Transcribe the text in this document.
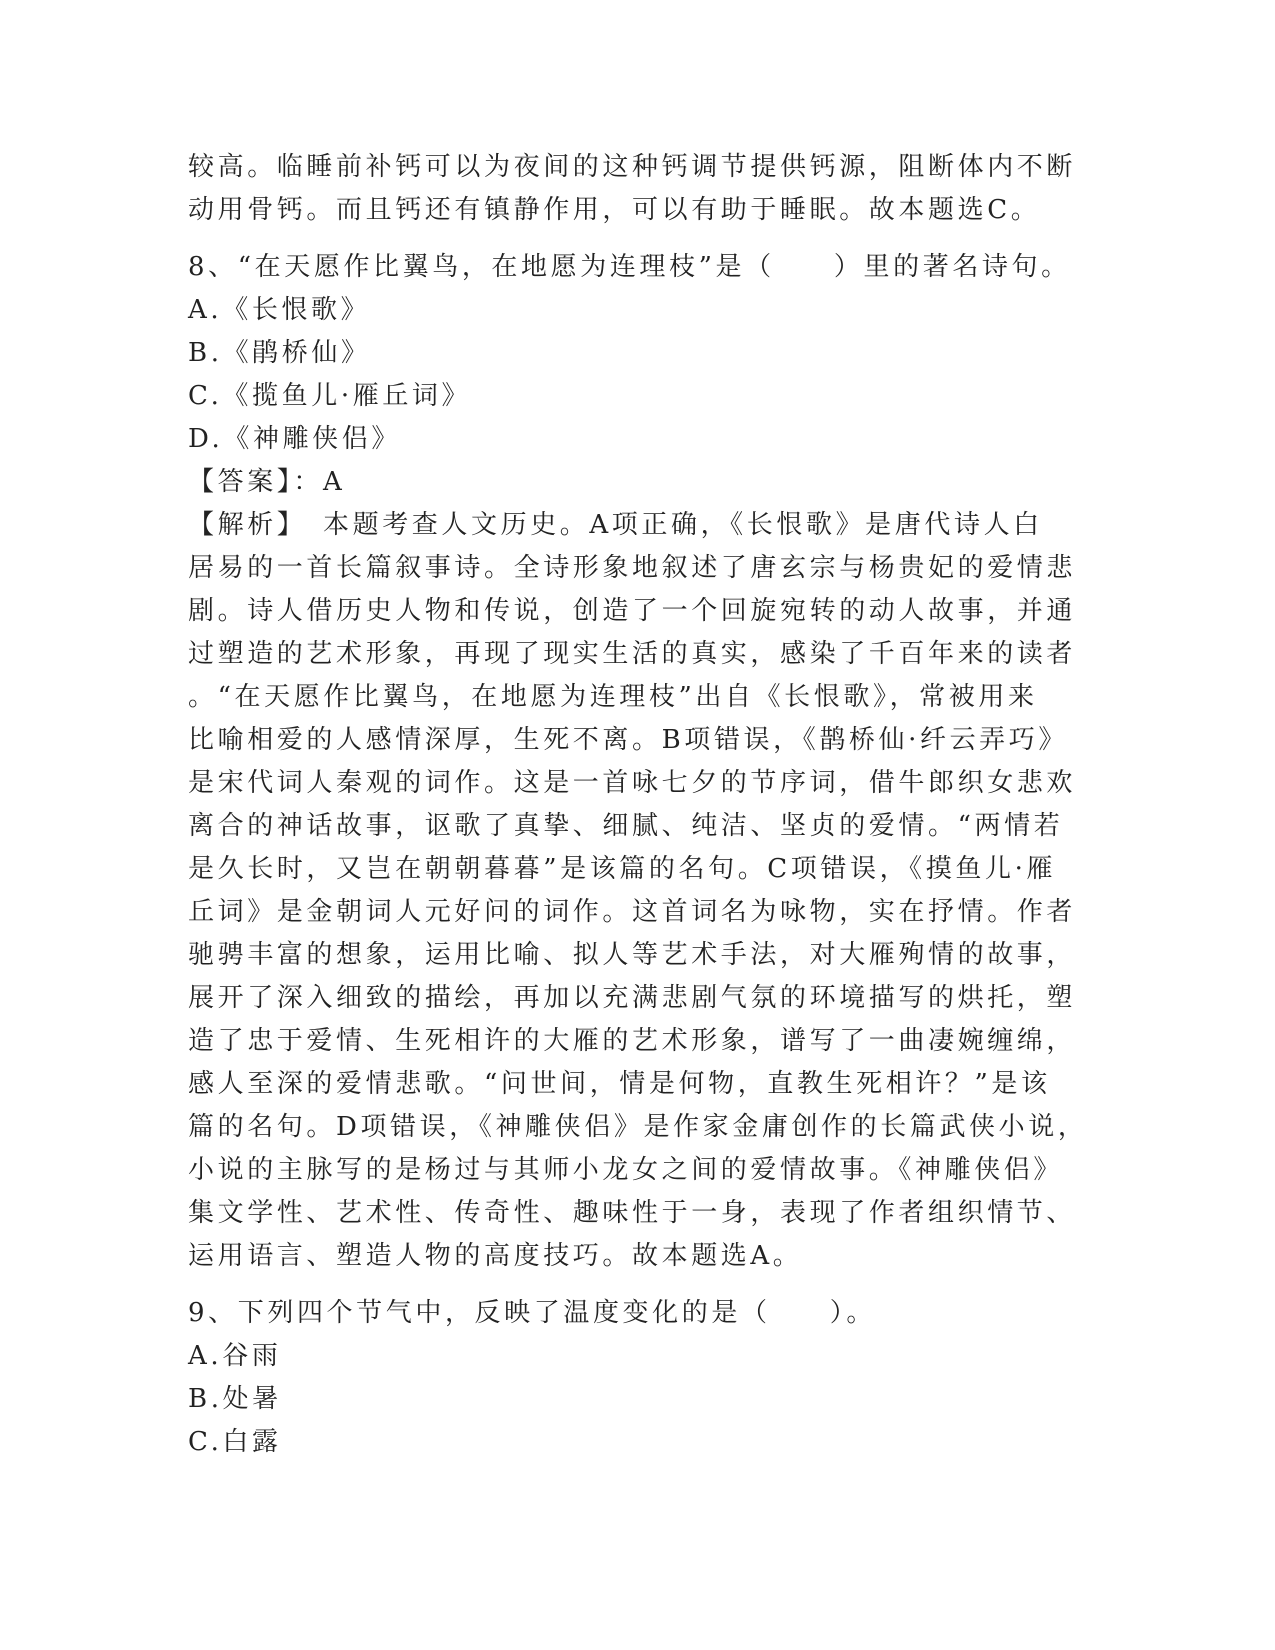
较高。临睡前补钙可以为夜间的这种钙调节提供钙源，阻断体内不断
动用骨钙。而且钙还有镇静作用，可以有助于睡眠。故本题选C。
8、“在天愿作比翼鸟，在地愿为连理枝”是（　　）里的著名诗句。
A.《长恨歌》
B.《鹃桥仙》
C.《揽鱼儿·雁丘词》
D.《神雕侠侣》
【答案】：A
【解析】　本题考查人文历史。A项正确，《长恨歌》是唐代诗人白
居易的一首长篇叙事诗。全诗形象地叙述了唐玄宗与杨贵妃的爱情悲
剧。诗人借历史人物和传说，创造了一个回旋宛转的动人故事，并通
过塑造的艺术形象，再现了现实生活的真实，感染了千百年来的读者
。“在天愿作比翼鸟，在地愿为连理枝”出自《长恨歌》，常被用来
比喻相爱的人感情深厚，生死不离。B项错误，《鹊桥仙·纤云弄巧》
是宋代词人秦观的词作。这是一首咏七夕的节序词，借牛郎织女悲欢
离合的神话故事，讴歌了真挚、细腻、纯洁、坚贞的爱情。“两情若
是久长时，又岂在朝朝暮暮”是该篇的名句。C项错误，《摸鱼儿·雁
丘词》是金朝词人元好问的词作。这首词名为咏物，实在抒情。作者
驰骋丰富的想象，运用比喻、拟人等艺术手法，对大雁殉情的故事，
展开了深入细致的描绘，再加以充满悲剧气氛的环境描写的烘托，塑
造了忠于爱情、生死相许的大雁的艺术形象，谱写了一曲凄婉缠绵，
感人至深的爱情悲歌。“问世间，情是何物，直教生死相许？”是该
篇的名句。D项错误，《神雕侠侣》是作家金庸创作的长篇武侠小说，
小说的主脉写的是杨过与其师小龙女之间的爱情故事。《神雕侠侣》
集文学性、艺术性、传奇性、趣味性于一身，表现了作者组织情节、
运用语言、塑造人物的高度技巧。故本题选A。
9、下列四个节气中，反映了温度变化的是（　　）。
A.谷雨
B.处暑
C.白露
